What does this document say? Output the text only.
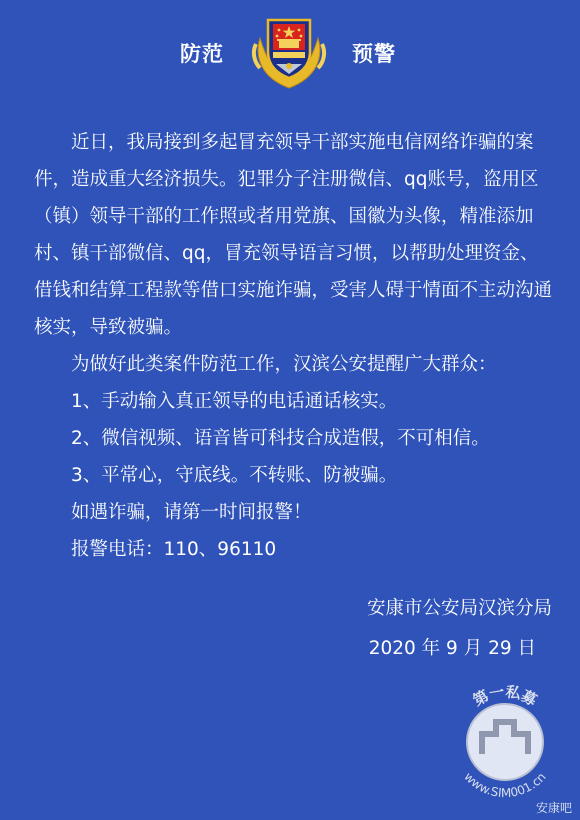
防范	预警

近日，我局接到多起冒充领导干部实施电信网络诈骗的案件，造成重大经济损失。犯罪分子注册微信、qq账号，盗用区（镇）领导干部的工作照或者用党旗、国徽为头像，精准添加村、镇干部微信、qq，冒充领导语言习惯，以帮助处理资金、借钱和结算工程款等借口实施诈骗，受害人碍于情面不主动沟通核实，导致被骗。

为做好此类案件防范工作，汉滨公安提醒广大群众：

1、手动输入真正领导的电话通话核实。

2、微信视频、语音皆可科技合成造假，不可相信。

3、平常心，守底线。不转账、防被骗。

如遇诈骗，请第一时间报警！

报警电话：110、96110

安康市公安局汉滨分局
2020 年 9 月 29 日
第一私募
www.SIM001.cn
安康吧
